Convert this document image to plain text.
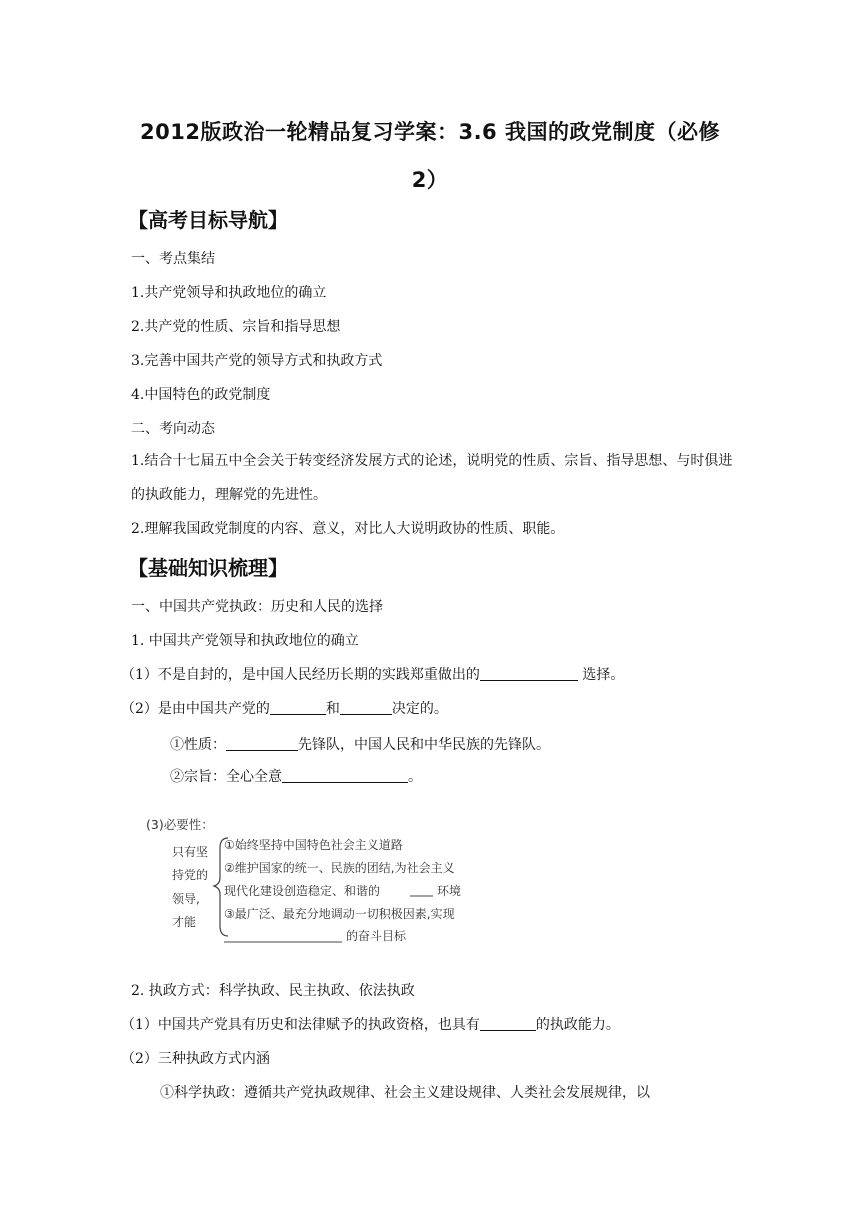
2012版政治一轮精品复习学案：3.6 我国的政党制度（必修
2）
【高考目标导航】
一、考点集结
1.共产党领导和执政地位的确立
2.共产党的性质、宗旨和指导思想
3.完善中国共产党的领导方式和执政方式
4.中国特色的政党制度
二、考向动态
1.结合十七届五中全会关于转变经济发展方式的论述，说明党的性质、宗旨、指导思想、与时俱进的执政能力，理解党的先进性。
2.理解我国政党制度的内容、意义，对比人大说明政协的性质、职能。
【基础知识梳理】
一、中国共产党执政：历史和人民的选择
1. 中国共产党领导和执政地位的确立
（1）不是自封的，是中国人民经历长期的实践郑重做出的	选择。
（2）是由中国共产党的	和	决定的。
①性质：	先锋队，中国人民和中华民族的先锋队。
②宗旨：全心全意	。
(3)必要性：
只有坚
持党的
领导,
才能
①始终坚持中国特色社会主义道路
②维护国家的统一、民族的团结,为社会主义
现代化建设创造稳定、和谐的	环境
③最广泛、最充分地调动一切积极因素,实现
的奋斗目标
2. 执政方式：科学执政、民主执政、依法执政
（1）中国共产党具有历史和法律赋予的执政资格，也具有	的执政能力。
（2）三种执政方式内涵
①科学执政：遵循共产党执政规律、社会主义建设规律、人类社会发展规律，以
